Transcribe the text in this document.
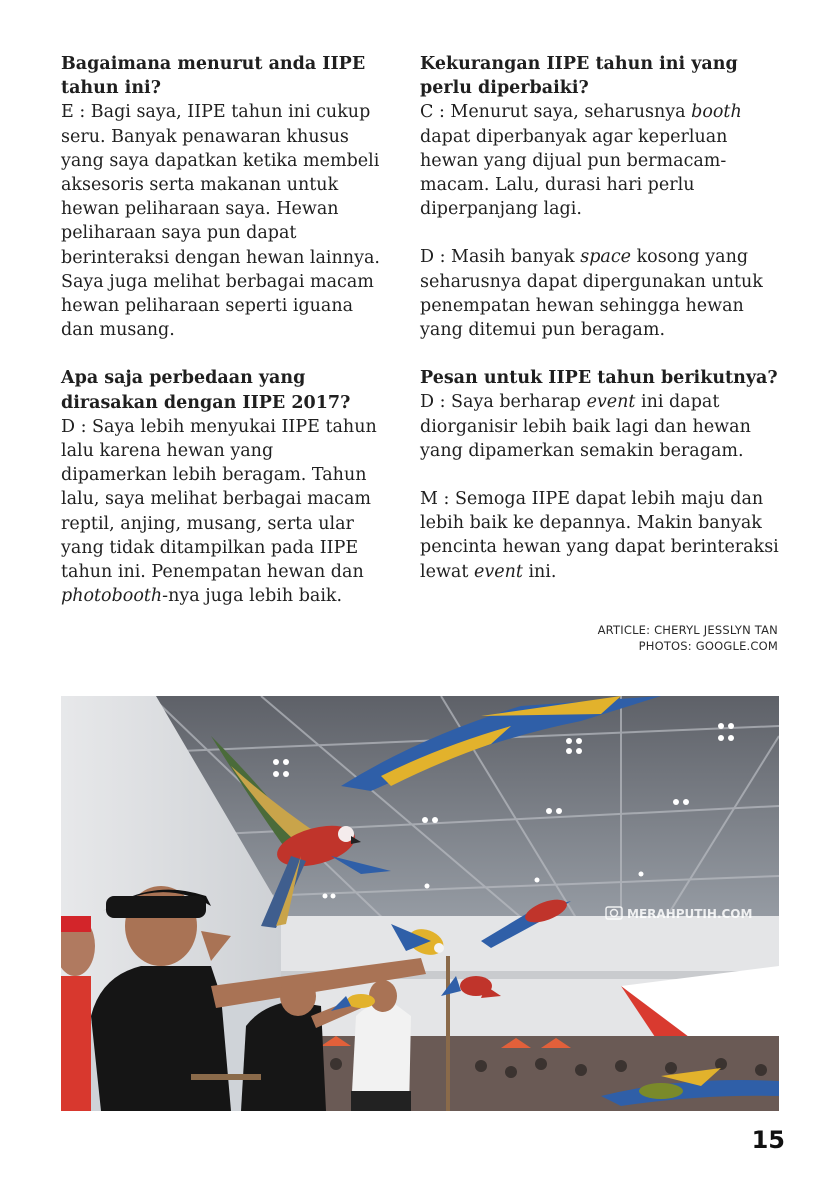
Bagaimana menurut anda IIPE tahun ini?

E : Bagi saya, IIPE tahun ini cukup seru. Banyak penawaran khusus yang saya dapatkan ketika membeli aksesoris serta makanan untuk hewan peliharaan saya. Hewan peliharaan saya pun dapat berinteraksi dengan hewan lainnya. Saya juga melihat berbagai macam hewan peliharaan seperti iguana dan musang.

Apa saja perbedaan yang dirasakan dengan IIPE 2017?

D : Saya lebih menyukai IIPE tahun lalu karena hewan yang dipamerkan lebih beragam. Tahun lalu, saya melihat berbagai macam reptil, anjing, musang, serta ular yang tidak ditampilkan pada IIPE tahun ini. Penempatan hewan dan photobooth-nya juga lebih baik.

Kekurangan IIPE tahun ini yang perlu diperbaiki?

C : Menurut saya, seharusnya booth dapat diperbanyak agar keperluan hewan yang dijual pun bermacam-macam. Lalu, durasi hari perlu diperpanjang lagi.

D : Masih banyak space kosong yang seharusnya dapat dipergunakan untuk penempatan hewan sehingga hewan yang ditemui pun beragam.

Pesan untuk IIPE tahun berikutnya?

D : Saya berharap event ini dapat diorganisir lebih baik lagi dan hewan yang dipamerkan semakin beragam.

M : Semoga IIPE dapat lebih maju dan lebih baik ke depannya. Makin banyak pencinta hewan yang dapat berinteraksi lewat event ini.

ARTICLE: CHERYL JESSLYN TAN
PHOTOS: GOOGLE.COM
MERAHPUTIH.COM
15
